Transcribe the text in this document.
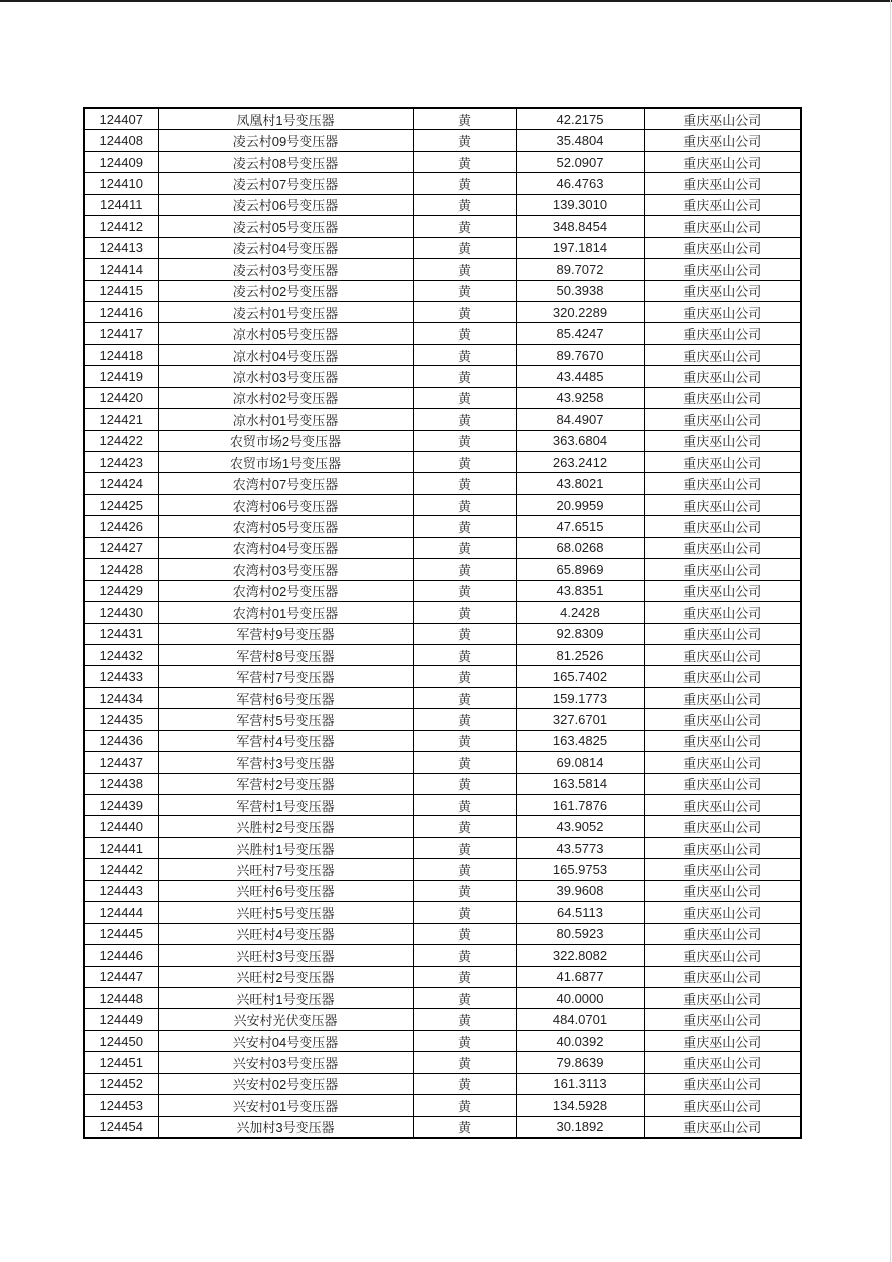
124407	凤凰村1号变压器	黄	42.2175	重庆巫山公司
124408	凌云村09号变压器	黄	35.4804	重庆巫山公司
124409	凌云村08号变压器	黄	52.0907	重庆巫山公司
124410	凌云村07号变压器	黄	46.4763	重庆巫山公司
124411	凌云村06号变压器	黄	139.3010	重庆巫山公司
124412	凌云村05号变压器	黄	348.8454	重庆巫山公司
124413	凌云村04号变压器	黄	197.1814	重庆巫山公司
124414	凌云村03号变压器	黄	89.7072	重庆巫山公司
124415	凌云村02号变压器	黄	50.3938	重庆巫山公司
124416	凌云村01号变压器	黄	320.2289	重庆巫山公司
124417	凉水村05号变压器	黄	85.4247	重庆巫山公司
124418	凉水村04号变压器	黄	89.7670	重庆巫山公司
124419	凉水村03号变压器	黄	43.4485	重庆巫山公司
124420	凉水村02号变压器	黄	43.9258	重庆巫山公司
124421	凉水村01号变压器	黄	84.4907	重庆巫山公司
124422	农贸市场2号变压器	黄	363.6804	重庆巫山公司
124423	农贸市场1号变压器	黄	263.2412	重庆巫山公司
124424	农湾村07号变压器	黄	43.8021	重庆巫山公司
124425	农湾村06号变压器	黄	20.9959	重庆巫山公司
124426	农湾村05号变压器	黄	47.6515	重庆巫山公司
124427	农湾村04号变压器	黄	68.0268	重庆巫山公司
124428	农湾村03号变压器	黄	65.8969	重庆巫山公司
124429	农湾村02号变压器	黄	43.8351	重庆巫山公司
124430	农湾村01号变压器	黄	4.2428	重庆巫山公司
124431	军营村9号变压器	黄	92.8309	重庆巫山公司
124432	军营村8号变压器	黄	81.2526	重庆巫山公司
124433	军营村7号变压器	黄	165.7402	重庆巫山公司
124434	军营村6号变压器	黄	159.1773	重庆巫山公司
124435	军营村5号变压器	黄	327.6701	重庆巫山公司
124436	军营村4号变压器	黄	163.4825	重庆巫山公司
124437	军营村3号变压器	黄	69.0814	重庆巫山公司
124438	军营村2号变压器	黄	163.5814	重庆巫山公司
124439	军营村1号变压器	黄	161.7876	重庆巫山公司
124440	兴胜村2号变压器	黄	43.9052	重庆巫山公司
124441	兴胜村1号变压器	黄	43.5773	重庆巫山公司
124442	兴旺村7号变压器	黄	165.9753	重庆巫山公司
124443	兴旺村6号变压器	黄	39.9608	重庆巫山公司
124444	兴旺村5号变压器	黄	64.5113	重庆巫山公司
124445	兴旺村4号变压器	黄	80.5923	重庆巫山公司
124446	兴旺村3号变压器	黄	322.8082	重庆巫山公司
124447	兴旺村2号变压器	黄	41.6877	重庆巫山公司
124448	兴旺村1号变压器	黄	40.0000	重庆巫山公司
124449	兴安村光伏变压器	黄	484.0701	重庆巫山公司
124450	兴安村04号变压器	黄	40.0392	重庆巫山公司
124451	兴安村03号变压器	黄	79.8639	重庆巫山公司
124452	兴安村02号变压器	黄	161.3113	重庆巫山公司
124453	兴安村01号变压器	黄	134.5928	重庆巫山公司
124454	兴加村3号变压器	黄	30.1892	重庆巫山公司
